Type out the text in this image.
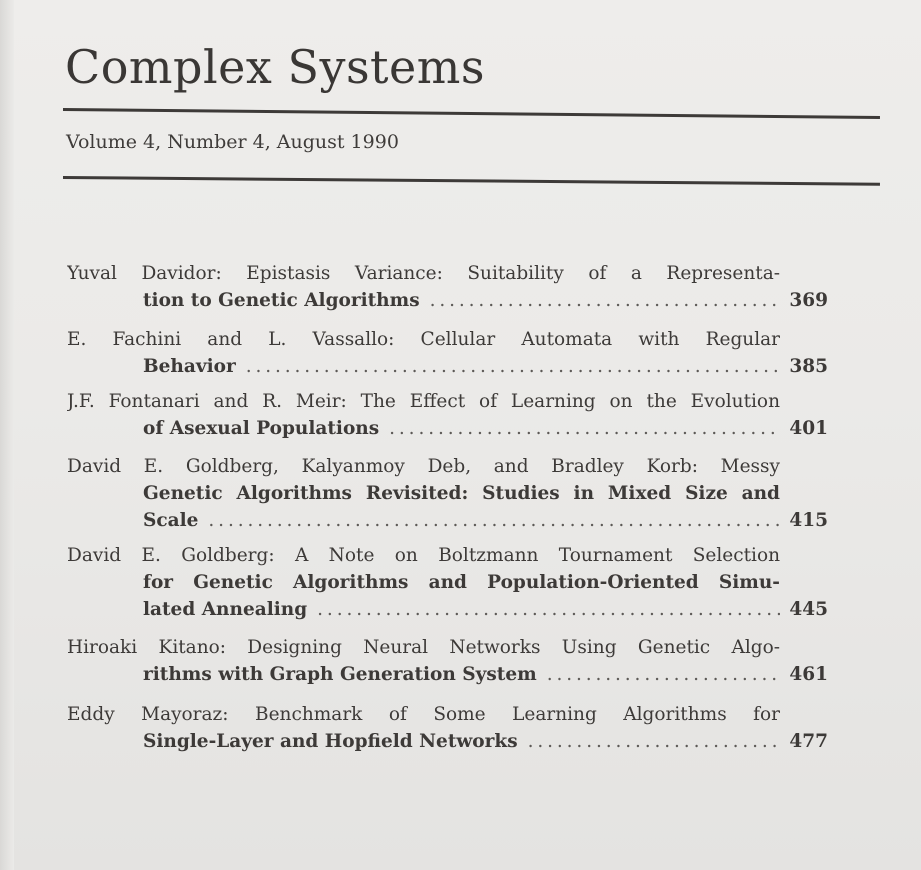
Complex Systems
Volume 4, Number 4, August 1990
Yuval Davidor: Epistasis Variance: Suitability of a Representa-
tion to Genetic Algorithms . . .	369
E. Fachini and L. Vassallo: Cellular Automata with Regular
Behavior . . .	385
J.F. Fontanari and R. Meir: The Effect of Learning on the Evolution
of Asexual Populations . . .	401
David E. Goldberg, Kalyanmoy Deb, and Bradley Korb: Messy
Genetic Algorithms Revisited: Studies in Mixed Size and
Scale . . .	415
David E. Goldberg: A Note on Boltzmann Tournament Selection
for Genetic Algorithms and Population-Oriented Simu-
lated Annealing . . .	445
Hiroaki Kitano: Designing Neural Networks Using Genetic Algo-
rithms with Graph Generation System . . .	461
Eddy Mayoraz: Benchmark of Some Learning Algorithms for
Single-Layer and Hopfield Networks . . .	477
